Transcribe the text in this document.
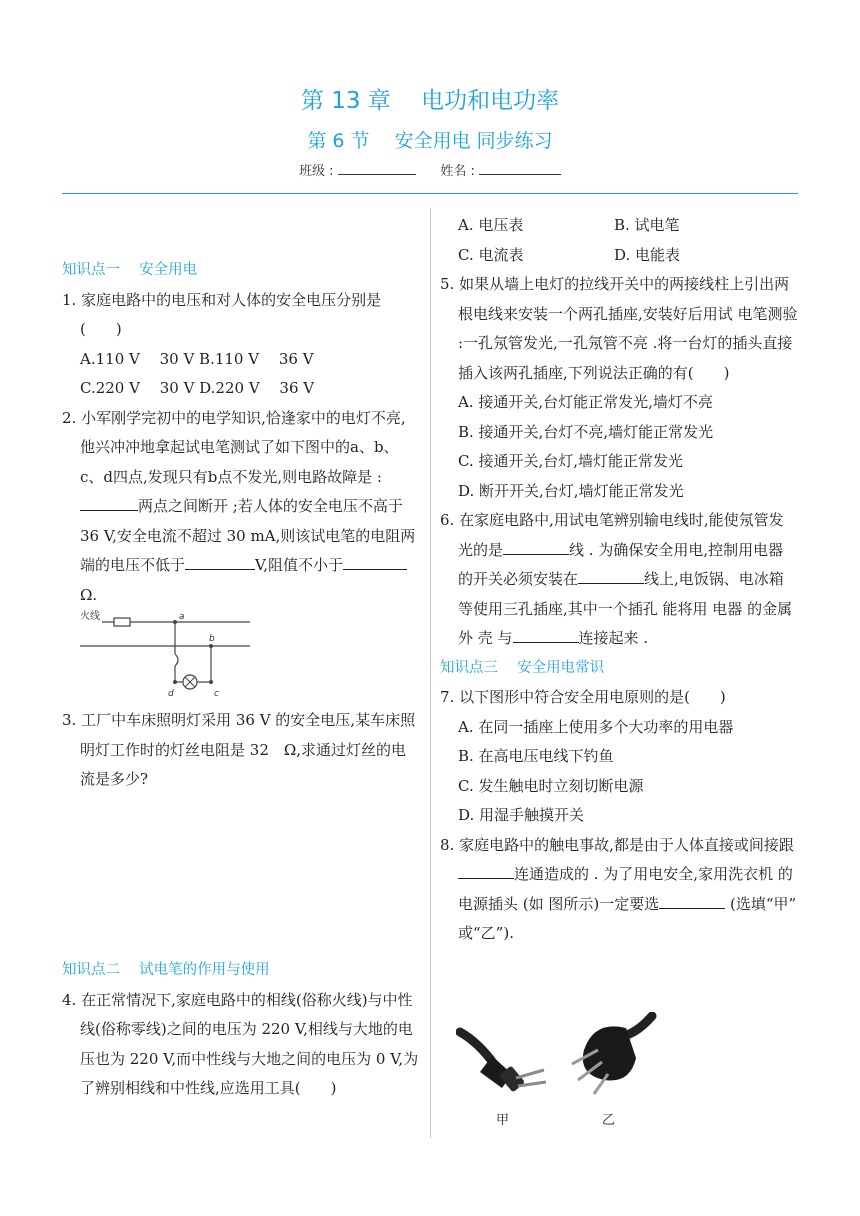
第 13 章　 电功和电功率
第 6 节　 安全用电 同步练习
班级 :	姓名 :

知识点一　 安全用电

1. 家庭电路中的电压和对人体的安全电压分别是(　　)

A.110 V　 30 V B.110 V　 36 V

C.220 V　 30 V D.220 V　 36 V

2. 小军刚学完初中的电学知识,恰逢家中的电灯不亮,他兴冲冲地拿起试电笔测试了如下图中的a、b、c、d四点,发现只有b点不发光,则电路故障是 :两点之间断开 ;若人体的安全电压不高于 36 V,安全电流不超过 30 mA,则该试电笔的电阻两端的电压不低于	V,阻值不小于 Ω.

火线	a
b
c
d

3. 工厂中车床照明灯采用 36 V 的安全电压,某车床照明灯工作时的灯丝电阻是 32　Ω,求通过灯丝的电流是多少?

知识点二　 试电笔的作用与使用

4. 在正常情况下,家庭电路中的相线(俗称火线)与中性线(俗称零线)之间的电压为 220 V,相线与大地的电压也为 220 V,而中性线与大地之间的电压为 0 V,为了辨别相线和中性线,应选用工具(　　)

A. 电压表	B. 试电笔

C. 电流表	D. 电能表

5. 如果从墙上电灯的拉线开关中的两接线柱上引出两根电线来安装一个两孔插座,安装好后用试 电笔测验 :一孔氖管发光,一孔氖管不亮 .将一台灯的插头直接插入该两孔插座,下列说法正确的有(　　)

A. 接通开关,台灯能正常发光,墙灯不亮

B. 接通开关,台灯不亮,墙灯能正常发光

C. 接通开关,台灯,墙灯能正常发光

D. 断开开关,台灯,墙灯能正常发光

6. 在家庭电路中,用试电笔辨别输电线时,能使氖管发光的是	线 . 为确保安全用电,控制用电器的开关必须安装在	线上,电饭锅、电冰箱等使用三孔插座,其中一个插孔 能将用 电器 的金属 外 壳 与	连接起来 .

知识点三　 安全用电常识

7. 以下图形中符合安全用电原则的是(　　)

A. 在同一插座上使用多个大功率的用电器

B. 在高电压电线下钓鱼

C. 发生触电时立刻切断电源

D. 用湿手触摸开关

8. 家庭电路中的触电事故,都是由于人体直接或间接跟连通造成的 . 为了用电安全,家用洗衣机 的 电源插头 (如 图所示)一定要选	(选填“甲” 或“乙”).

甲	乙
